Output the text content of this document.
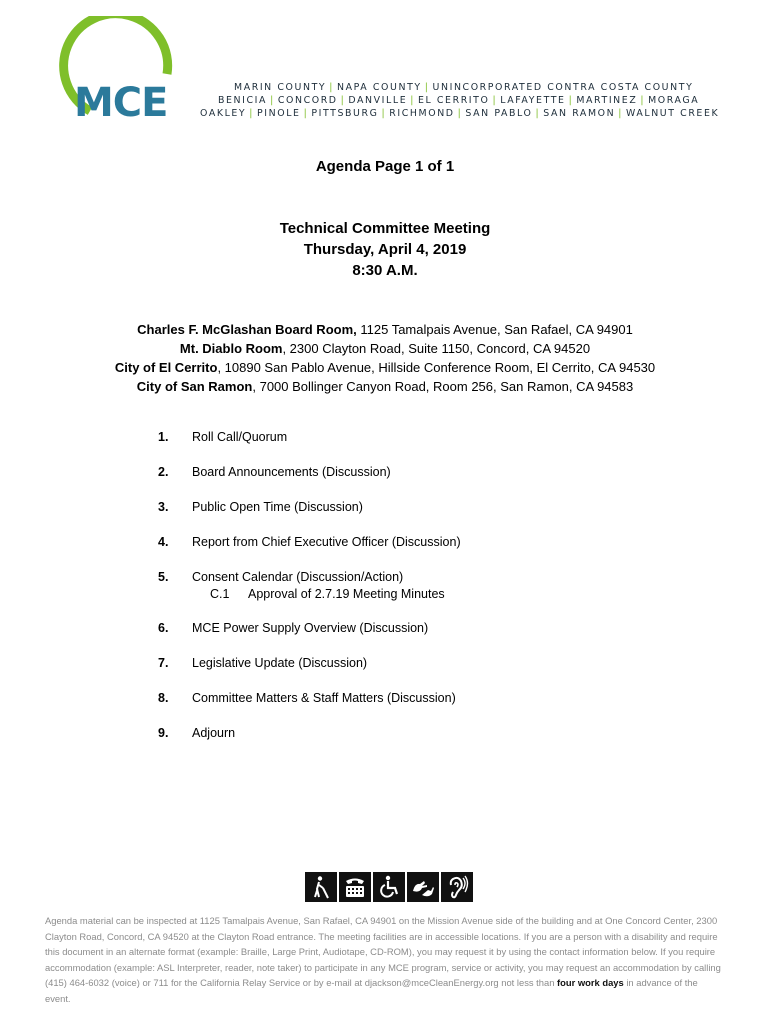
MCE	MARIN COUNTY | NAPA COUNTY | UNINCORPORATED CONTRA COSTA COUNTY
BENICIA | CONCORD | DANVILLE | EL CERRITO | LAFAYETTE | MARTINEZ | MORAGA
OAKLEY | PINOLE | PITTSBURG | RICHMOND | SAN PABLO | SAN RAMON | WALNUT CREEK
Agenda Page 1 of 1
Technical Committee Meeting
Thursday, April 4, 2019
8:30 A.M.
Charles F. McGlashan Board Room, 1125 Tamalpais Avenue, San Rafael, CA 94901
Mt. Diablo Room, 2300 Clayton Road, Suite 1150, Concord, CA 94520
City of El Cerrito, 10890 San Pablo Avenue, Hillside Conference Room, El Cerrito, CA 94530
City of San Ramon, 7000 Bollinger Canyon Road, Room 256, San Ramon, CA 94583
1. Roll Call/Quorum
2. Board Announcements (Discussion)
3. Public Open Time (Discussion)
4. Report from Chief Executive Officer (Discussion)
5. Consent Calendar (Discussion/Action)
C.1 Approval of 2.7.19 Meeting Minutes
6. MCE Power Supply Overview (Discussion)
7. Legislative Update (Discussion)
8. Committee Matters & Staff Matters (Discussion)
9. Adjourn
Agenda material can be inspected at 1125 Tamalpais Avenue, San Rafael, CA 94901 on the Mission Avenue side of the building and at One Concord Center, 2300 Clayton Road, Concord, CA 94520 at the Clayton Road entrance. The meeting facilities are in accessible locations. If you are a person with a disability and require this document in an alternate format (example: Braille, Large Print, Audiotape, CD-ROM), you may request it by using the contact information below. If you require accommodation (example: ASL Interpreter, reader, note taker) to participate in any MCE program, service or activity, you may request an accommodation by calling (415) 464-6032 (voice) or 711 for the California Relay Service or by e-mail at djackson@mceCleanEnergy.org not less than four work days in advance of the event.
